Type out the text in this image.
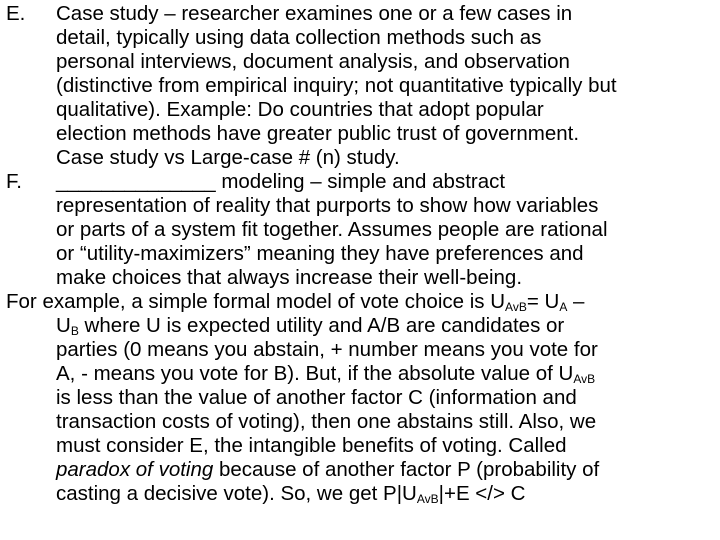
E. Case study – researcher examines one or a few cases in
detail, typically using data collection methods such as
personal interviews, document analysis, and observation
(distinctive from empirical inquiry; not quantitative typically but
qualitative). Example: Do countries that adopt popular
election methods have greater public trust of government.
Case study vs Large-case # (n) study.
F. ______________ modeling – simple and abstract
representation of reality that purports to show how variables
or parts of a system fit together. Assumes people are rational
or “utility-maximizers” meaning they have preferences and
make choices that always increase their well-being.
For example, a simple formal model of vote choice is $U_{AvB}= U_A$ –
$U_B$ where U is expected utility and A/B are candidates or
parties (0 means you abstain, + number means you vote for
A, - means you vote for B). But, if the absolute value of $U_{AvB}$
is less than the value of another factor C (information and
transaction costs of voting), then one abstains still. Also, we
must consider E, the intangible benefits of voting. Called
paradox of voting because of another factor P (probability of
casting a decisive vote). So, we get $P|U_{AvB}|+E$ </> C
